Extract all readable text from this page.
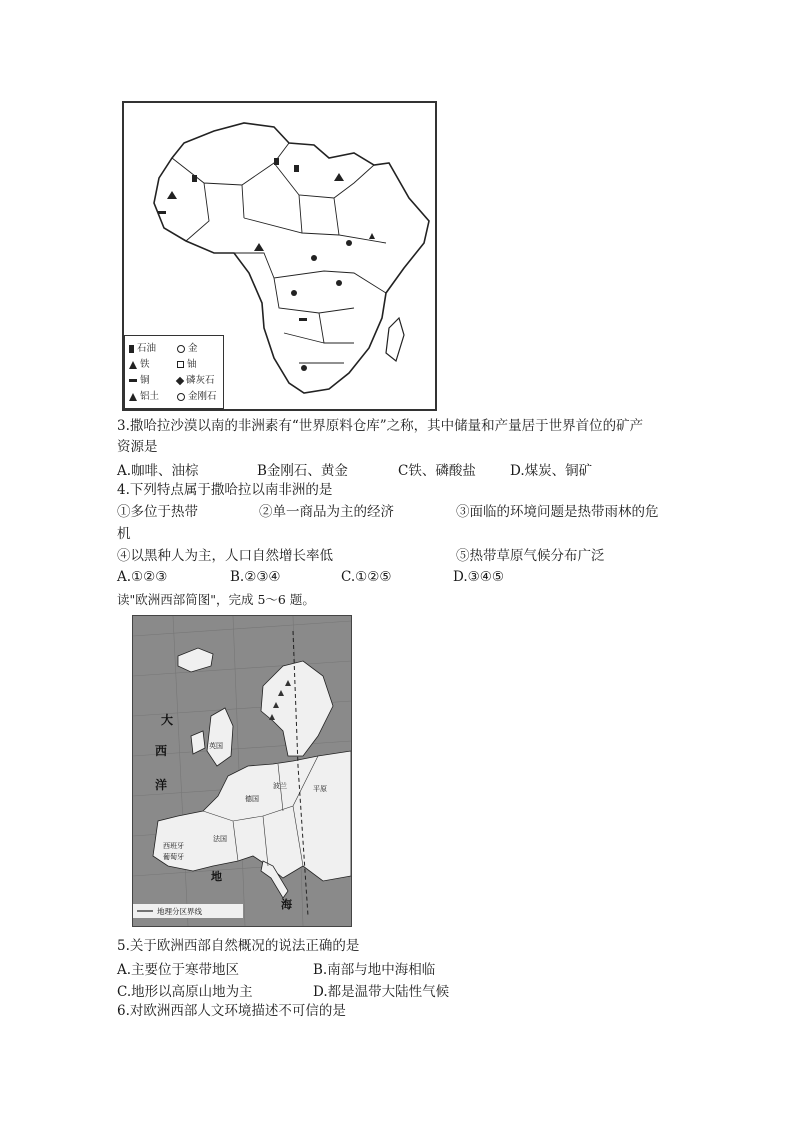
石油	金
铁	铀
铜	磷灰石
铝土	金刚石
3.撒哈拉沙漠以南的非洲素有“世界原料仓库”之称，其中储量和产量居于世界首位的矿产
资源是
A.咖啡、油棕	B金刚石、黄金	C铁、磷酸盐	D.煤炭、铜矿
4.下列特点属于撒哈拉以南非洲的是
①多位于热带	②单一商品为主的经济	③面临的环境问题是热带雨林的危
机
④以黑种人为主，人口自然增长率低	⑤热带草原气候分布广泛
A.①②③	B.②③④	C.①②⑤	D.③④⑤
读"欧洲西部简图"，完成 5～6 题。
大
西
洋
地
海
英国
法国
德国
波兰	平原
西班牙
葡萄牙
地理分区界线
5.关于欧洲西部自然概况的说法正确的是
A.主要位于寒带地区	B.南部与地中海相临
C.地形以高原山地为主	D.都是温带大陆性气候
6.对欧洲西部人文环境描述不可信的是
